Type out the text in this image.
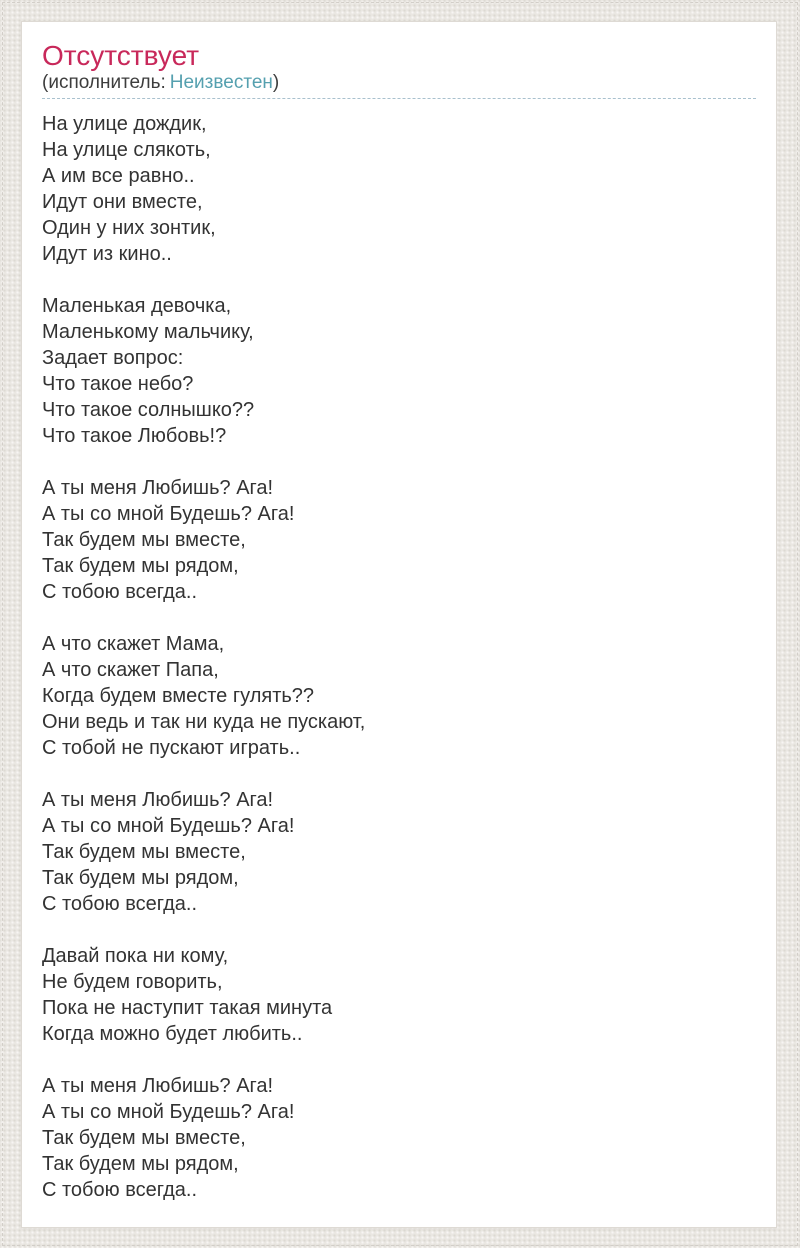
Отсутствует
(исполнитель: Неизвестен)

На улице дождик,
На улице слякоть,
А им все равно..
Идут они вместе,
Один у них зонтик,
Идут из кино..

Маленькая девочка,
Маленькому мальчику,
Задает вопрос:
Что такое небо?
Что такое солнышко??
Что такое Любовь!?

А ты меня Любишь? Ага!
А ты со мной Будешь? Ага!
Так будем мы вместе,
Так будем мы рядом,
С тобою всегда..

А что скажет Мама,
А что скажет Папа,
Когда будем вместе гулять??
Они ведь и так ни куда не пускают,
С тобой не пускают играть..

А ты меня Любишь? Ага!
А ты со мной Будешь? Ага!
Так будем мы вместе,
Так будем мы рядом,
С тобою всегда..

Давай пока ни кому,
Не будем говорить,
Пока не наступит такая минута
Когда можно будет любить..

А ты меня Любишь? Ага!
А ты со мной Будешь? Ага!
Так будем мы вместе,
Так будем мы рядом,
С тобою всегда..
